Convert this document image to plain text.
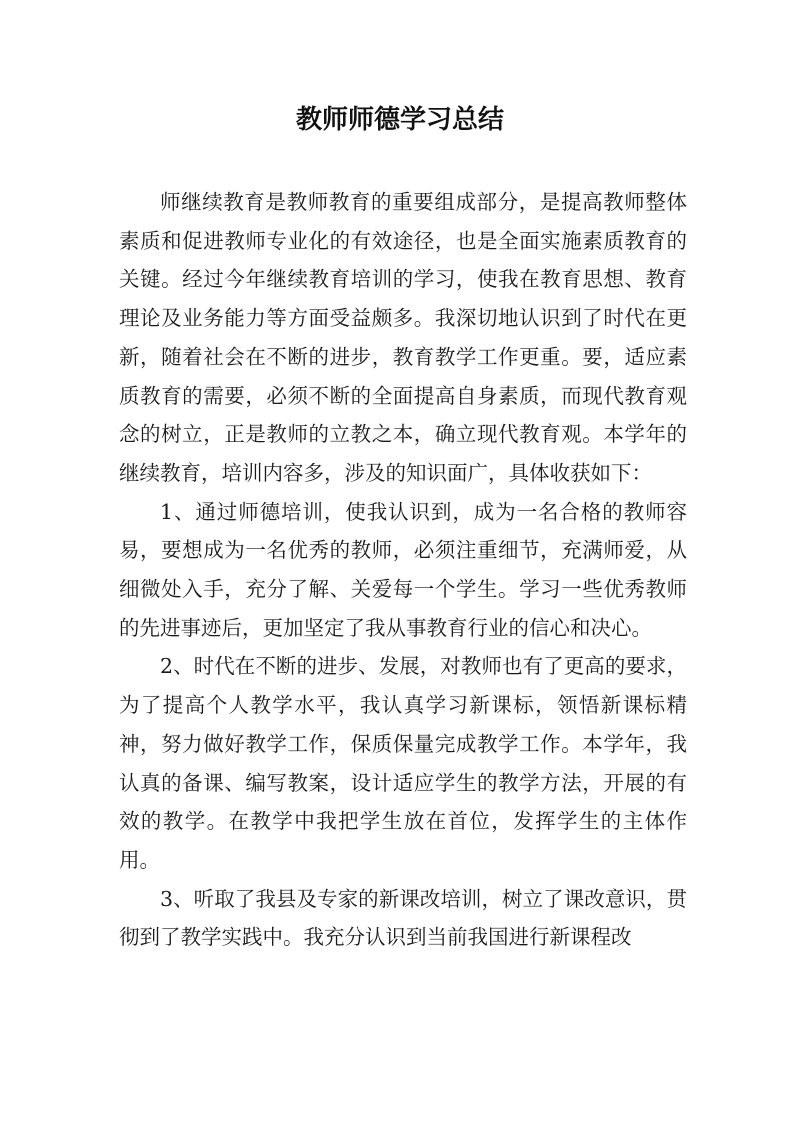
教师师德学习总结

师继续教育是教师教育的重要组成部分，是提高教师整体素质和促进教师专业化的有效途径，也是全面实施素质教育的关键。经过今年继续教育培训的学习，使我在教育思想、教育理论及业务能力等方面受益颇多。我深切地认识到了时代在更新，随着社会在不断的进步，教育教学工作更重。要，适应素质教育的需要，必须不断的全面提高自身素质，而现代教育观念的树立，正是教师的立教之本，确立现代教育观。本学年的继续教育，培训内容多，涉及的知识面广，具体收获如下：

1、通过师德培训，使我认识到，成为一名合格的教师容易，要想成为一名优秀的教师，必须注重细节，充满师爱，从细微处入手，充分了解、关爱每一个学生。学习一些优秀教师的先进事迹后，更加坚定了我从事教育行业的信心和决心。

2、时代在不断的进步、发展，对教师也有了更高的要求，为了提高个人教学水平，我认真学习新课标，领悟新课标精神，努力做好教学工作，保质保量完成教学工作。本学年，我认真的备课、编写教案，设计适应学生的教学方法，开展的有效的教学。在教学中我把学生放在首位，发挥学生的主体作用。

3、听取了我县及专家的新课改培训，树立了课改意识，贯彻到了教学实践中。我充分认识到当前我国进行新课程改
